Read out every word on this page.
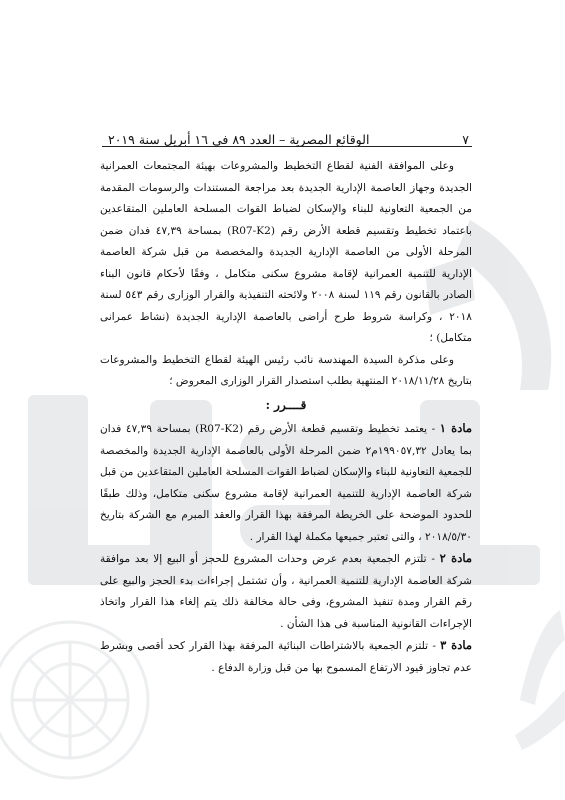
٧
الوقائع المصرية – العدد ٨٩ فى ١٦ أبريل سنة ٢٠١٩

وعلى الموافقة الفنية لقطاع التخطيط والمشروعات بهيئة المجتمعات العمرانية الجديدة وجهاز العاصمة الإدارية الجديدة بعد مراجعة المستندات والرسومات المقدمة من الجمعية التعاونية للبناء والإسكان لضباط القوات المسلحة العاملين المتقاعدين باعتماد تخطيط وتقسيم قطعة الأرض رقم (R07-K2) بمساحة ٤٧,٣٩ فدان ضمن المرحلة الأولى من العاصمة الإدارية الجديدة والمخصصة من قبل شركة العاصمة الإدارية للتنمية العمرانية لإقامة مشروع سكنى متكامل ، وفقًا لأحكام قانون البناء الصادر بالقانون رقم ١١٩ لسنة ٢٠٠٨ ولائحته التنفيذية والقرار الوزارى رقم ٥٤٣ لسنة ٢٠١٨ ، وكراسة شروط طرح أراضى بالعاصمة الإدارية الجديدة (نشاط عمرانى متكامل) ؛

وعلى مذكرة السيدة المهندسة نائب رئيس الهيئة لقطاع التخطيط والمشروعات بتاريخ ٢٠١٨/١١/٢٨ المنتهية بطلب استصدار القرار الوزارى المعروض ؛

قــــرر :

مادة ١ - يعتمد تخطيط وتقسيم قطعة الأرض رقم (R07-K2) بمساحة ٤٧,٣٩ فدان بما يعادل ١٩٩٠٥٧,٣٢م٢ ضمن المرحلة الأولى بالعاصمة الإدارية الجديدة والمخصصة للجمعية التعاونية للبناء والإسكان لضباط القوات المسلحة العاملين المتقاعدين من قبل شركة العاصمة الإدارية للتنمية العمرانية لإقامة مشروع سكنى متكامل، وذلك طبقًا للحدود الموضحة على الخريطة المرفقة بهذا القرار والعقد المبرم مع الشركة بتاريخ ٢٠١٨/٥/٣٠ ، والتى تعتبر جميعها مكملة لهذا القرار .

مادة ٢ - تلتزم الجمعية بعدم عرض وحدات المشروع للحجز أو البيع إلا بعد موافقة شركة العاصمة الإدارية للتنمية العمرانية ، وأن تشتمل إجراءات بدء الحجز والبيع على رقم القرار ومدة تنفيذ المشروع، وفى حالة مخالفة ذلك يتم إلغاء هذا القرار واتخاذ الإجراءات القانونية المناسبة فى هذا الشأن .

مادة ٣ - تلتزم الجمعية بالاشتراطات البنائية المرفقة بهذا القرار كحد أقصى وبشرط عدم تجاوز قيود الارتفاع المسموح بها من قبل وزارة الدفاع .
